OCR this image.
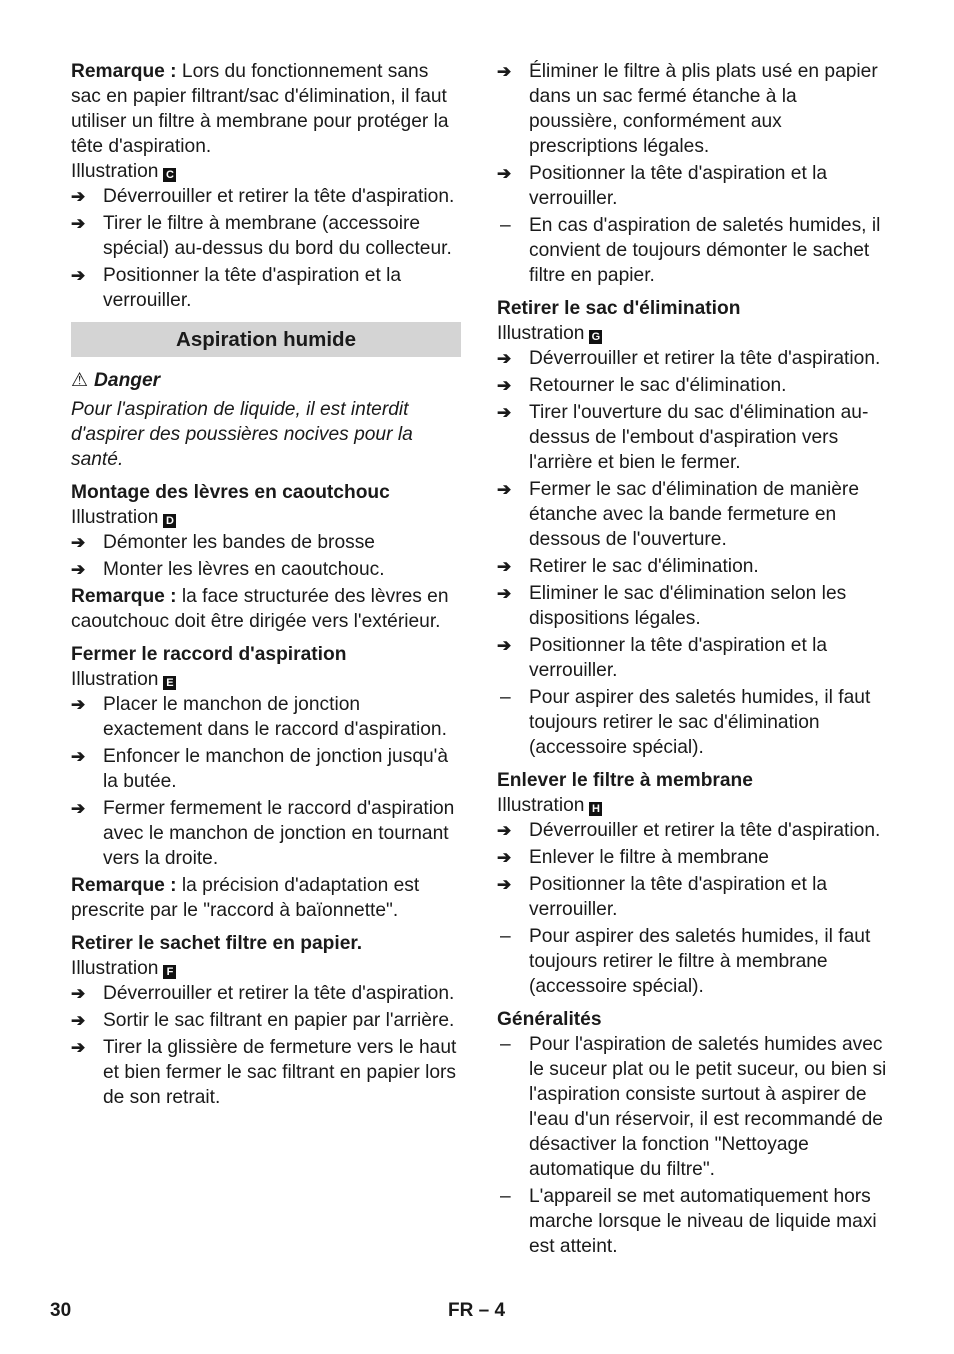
Remarque : Lors du fonctionnement sans sac en papier filtrant/sac d'élimination, il faut utiliser un filtre à membrane pour protéger la tête d'aspiration.

Illustration C

➔ Déverrouiller et retirer la tête d'aspiration.
➔ Tirer le filtre à membrane (accessoire spécial) au-dessus du bord du collecteur.
➔ Positionner la tête d'aspiration et la verrouiller.
Aspiration humide

⚠ Danger

Pour l'aspiration de liquide, il est interdit d'aspirer des poussières nocives pour la santé.

Montage des lèvres en caoutchouc

Illustration D

➔ Démonter les bandes de brosse
➔ Monter les lèvres en caoutchouc.

Remarque : la face structurée des lèvres en caoutchouc doit être dirigée vers l'extérieur.

Fermer le raccord d'aspiration

Illustration E

➔ Placer le manchon de jonction exactement dans le raccord d'aspiration.
➔ Enfoncer le manchon de jonction jusqu'à la butée.
➔ Fermer fermement le raccord d'aspiration avec le manchon de jonction en tournant vers la droite.

Remarque : la précision d'adaptation est prescrite par le "raccord à baïonnette".

Retirer le sachet filtre en papier.

Illustration F

➔ Déverrouiller et retirer la tête d'aspiration.
➔ Sortir le sac filtrant en papier par l'arrière.
➔ Tirer la glissière de fermeture vers le haut et bien fermer le sac filtrant en papier lors de son retrait.
➔ Éliminer le filtre à plis plats usé en papier dans un sac fermé étanche à la poussière, conformément aux prescriptions légales.
➔ Positionner la tête d'aspiration et la verrouiller.
– En cas d'aspiration de saletés humides, il convient de toujours démonter le sachet filtre en papier.
Retirer le sac d'élimination

Illustration G

➔ Déverrouiller et retirer la tête d'aspiration.
➔ Retourner le sac d'élimination.
➔ Tirer l'ouverture du sac d'élimination au-dessus de l'embout d'aspiration vers l'arrière et bien le fermer.
➔ Fermer le sac d'élimination de manière étanche avec la bande fermeture en dessous de l'ouverture.
➔ Retirer le sac d'élimination.
➔ Eliminer le sac d'élimination selon les dispositions légales.
➔ Positionner la tête d'aspiration et la verrouiller.
– Pour aspirer des saletés humides, il faut toujours retirer le sac d'élimination (accessoire spécial).
Enlever le filtre à membrane

Illustration H

➔ Déverrouiller et retirer la tête d'aspiration.
➔ Enlever le filtre à membrane
➔ Positionner la tête d'aspiration et la verrouiller.
– Pour aspirer des saletés humides, il faut toujours retirer le filtre à membrane (accessoire spécial).
Généralités
– Pour l'aspiration de saletés humides avec le suceur plat ou le petit suceur, ou bien si l'aspiration consiste surtout à aspirer de l'eau d'un réservoir, il est recommandé de désactiver la fonction "Nettoyage automatique du filtre".
– L'appareil se met automatiquement hors marche lorsque le niveau de liquide maxi est atteint.
30	FR – 4
